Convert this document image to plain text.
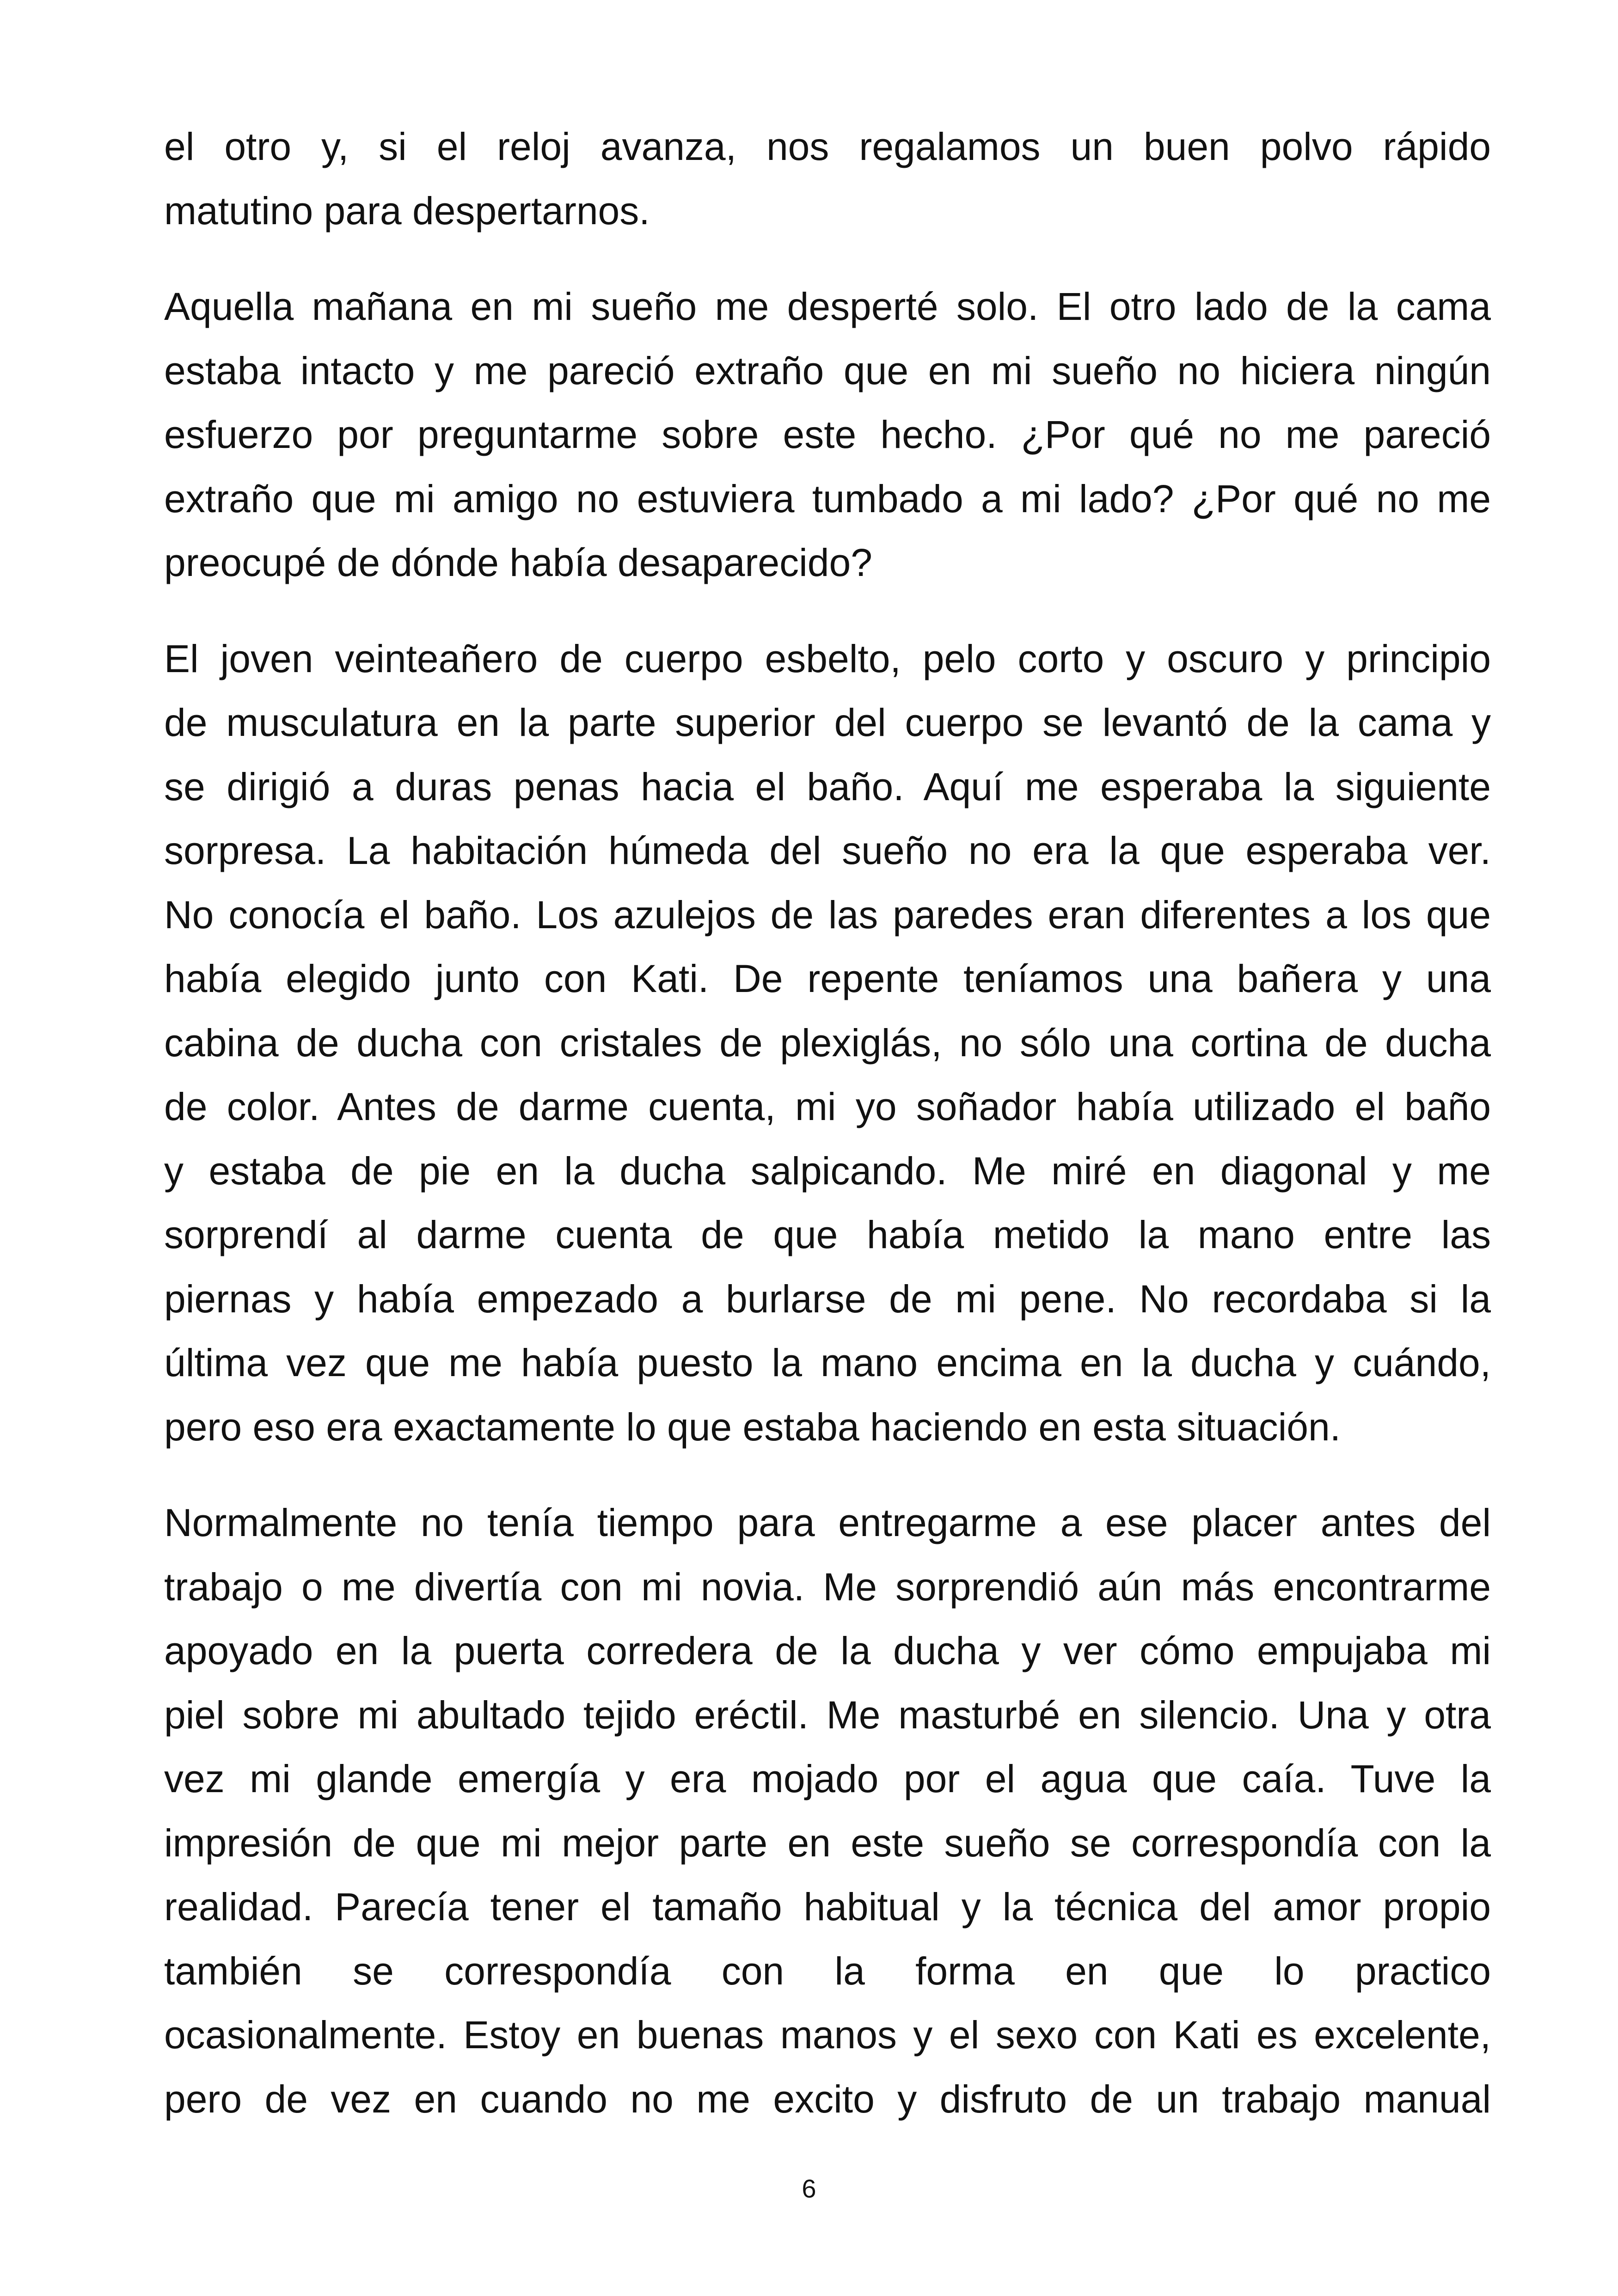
el otro y, si el reloj avanza, nos regalamos un buen polvo rápido
matutino para despertarnos.

Aquella mañana en mi sueño me desperté solo. El otro lado de la cama
estaba intacto y me pareció extraño que en mi sueño no hiciera ningún
esfuerzo por preguntarme sobre este hecho. ¿Por qué no me pareció
extraño que mi amigo no estuviera tumbado a mi lado? ¿Por qué no me
preocupé de dónde había desaparecido?

El joven veinteañero de cuerpo esbelto, pelo corto y oscuro y principio
de musculatura en la parte superior del cuerpo se levantó de la cama y
se dirigió a duras penas hacia el baño. Aquí me esperaba la siguiente
sorpresa. La habitación húmeda del sueño no era la que esperaba ver.
No conocía el baño. Los azulejos de las paredes eran diferentes a los que
había elegido junto con Kati. De repente teníamos una bañera y una
cabina de ducha con cristales de plexiglás, no sólo una cortina de ducha
de color. Antes de darme cuenta, mi yo soñador había utilizado el baño
y estaba de pie en la ducha salpicando. Me miré en diagonal y me
sorprendí al darme cuenta de que había metido la mano entre las
piernas y había empezado a burlarse de mi pene. No recordaba si la
última vez que me había puesto la mano encima en la ducha y cuándo,
pero eso era exactamente lo que estaba haciendo en esta situación.

Normalmente no tenía tiempo para entregarme a ese placer antes del
trabajo o me divertía con mi novia. Me sorprendió aún más encontrarme
apoyado en la puerta corredera de la ducha y ver cómo empujaba mi
piel sobre mi abultado tejido eréctil. Me masturbé en silencio. Una y otra
vez mi glande emergía y era mojado por el agua que caía. Tuve la
impresión de que mi mejor parte en este sueño se correspondía con la
realidad. Parecía tener el tamaño habitual y la técnica del amor propio
también se correspondía con la forma en que lo practico
ocasionalmente. Estoy en buenas manos y el sexo con Kati es excelente,
pero de vez en cuando no me excito y disfruto de un trabajo manual

6
